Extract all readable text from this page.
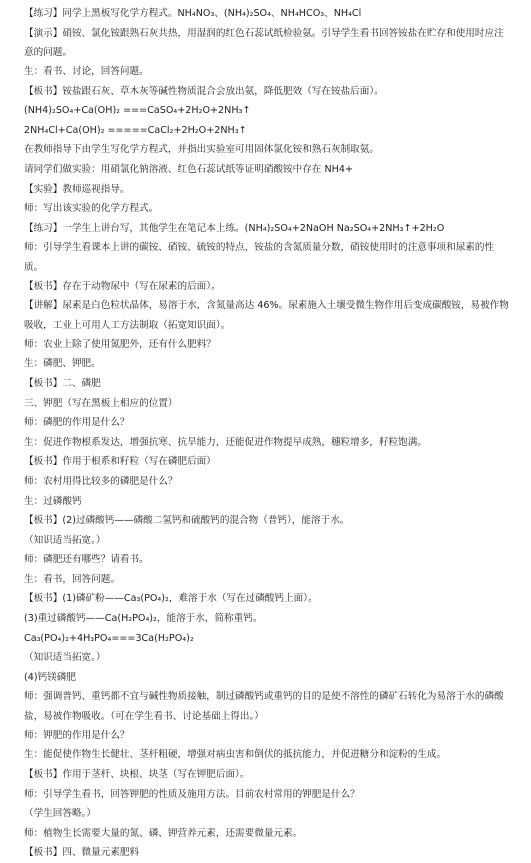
【练习】同学上黑板写化学方程式。NH₄NO₃、(NH₄)₂SO₄、NH₄HCO₃、NH₄Cl
【演示】硝铵、氯化铵跟熟石灰共热，用湿润的红色石蕊试纸检验氨。引导学生看书回答铵盐在贮存和使用时应注意的问题。
生：看书、讨论，回答问题。
【板书】铵盐跟石灰、草木灰等碱性物质混合会放出氨，降低肥效（写在铵盐后面）。
(NH4)₂SO₄+Ca(OH)₂ ===CaSO₄+2H₂O+2NH₃↑
2NH₄Cl+Ca(OH)₂ =====CaCl₂+2H₂O+2NH₃↑
在教师指导下由学生写化学方程式，并指出实验室可用固体氯化铵和熟石灰制取氨。
请同学们做实验：用硝氯化钠溶液、红色石蕊试纸等证明硝酸铵中存在 NH4+
【实验】教师巡视指导。
师：写出该实验的化学方程式。
【练习】一学生上讲台写，其他学生在笔记本上练。(NH₄)₂SO₄+2NaOH Na₂SO₄+2NH₃↑+2H₂O
师：引导学生看课本上讲的碳铵、硝铵、硫铵的特点，铵盐的含氮质量分数，硝铵使用时的注意事项和尿素的性质。
【板书】存在于动物尿中（写在尿素的后面）。
【讲解】尿素是白色粒状晶体，易溶于水，含氮量高达 46%。尿素施入土壤受微生物作用后变成碳酸铵，易被作物吸收，工业上可用人工方法制取（拓宽知识面）。
师：农业上除了使用氮肥外，还有什么肥料？
生：磷肥、钾肥。
【板书】二、磷肥
三、钾肥（写在黑板上相应的位置）
师：磷肥的作用是什么？
生：促进作物根系发达，增强抗寒、抗旱能力，还能促进作物提早成熟，穗粒增多，籽粒饱满。
【板书】作用于根系和籽粒（写在磷肥后面）
师：农村用得比较多的磷肥是什么？
生：过磷酸钙
【板书】(2)过磷酸钙——磷酸二氢钙和硫酸钙的混合物（普钙），能溶于水。
（知识适当拓宽。）
师：磷肥还有哪些？请看书。
生：看书，回答问题。
【板书】(1)磷矿粉——Ca₃(PO₄)₂，难溶于水（写在过磷酸钙上面）。
(3)重过磷酸钙——Ca(H₂PO₄)₂，能溶于水，简称重钙。
Ca₃(PO₄)₂+4H₃PO₄===3Ca(H₂PO₄)₂
（知识适当拓宽。）
(4)钙镁磷肥
师：强调普钙、重钙都不宜与碱性物质接触，制过磷酸钙或重钙的目的是使不溶性的磷矿石转化为易溶于水的磷酸盐，易被作物吸收。（可在学生看书、讨论基础上得出。）
师：钾肥的作用是什么？
生：能促使作物生长健壮、茎杆粗硬，增强对病虫害和倒伏的抵抗能力，并促进糖分和淀粉的生成。
【板书】作用于茎杆、块根、块茎（写在钾肥后面）。
师：引导学生看书，回答钾肥的性质及施用方法。目前农村常用的钾肥是什么？
（学生回答略。）
师：植物生长需要大量的氮、磷、钾营养元素，还需要微量元素。
【板书】四、微量元素肥料
